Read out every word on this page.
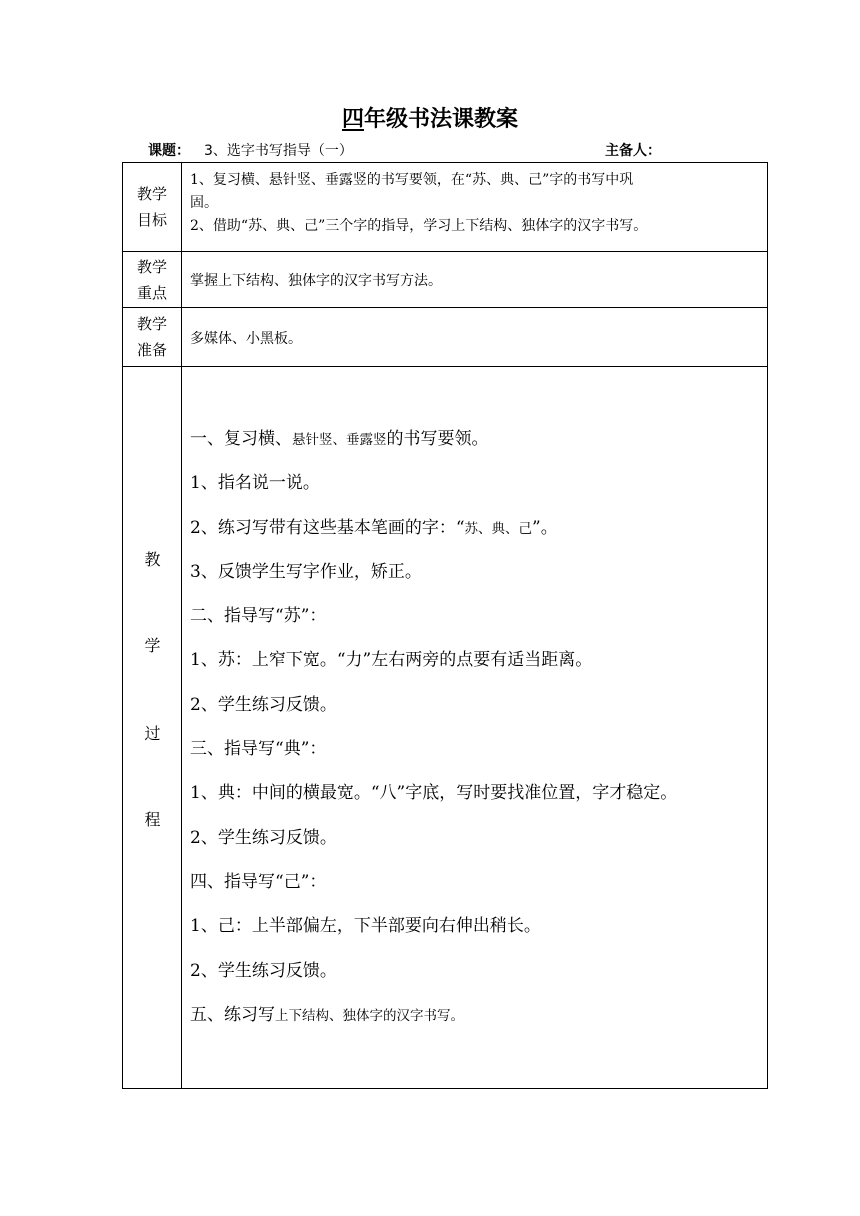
四年级书法课教案
课题： 3、选字书写指导（一）	主备人：
教学
目标
1、复习横、悬针竖、垂露竖的书写要领，在“苏、典、己”字的书写中巩
固。
2、借助“苏、典、己”三个字的指导，学习上下结构、独体字的汉字书写。
教学
重点
掌握上下结构、独体字的汉字书写方法。
教学
准备
多媒体、小黑板。
教
学
过
程
一、复习横、悬针竖、垂露竖的书写要领。
1、指名说一说。
2、练习写带有这些基本笔画的字：“苏、典、己”。
3、反馈学生写字作业，矫正。
二、指导写“苏”：
1、苏：上窄下宽。“力”左右两旁的点要有适当距离。
2、学生练习反馈。
三、指导写“典”：
1、典：中间的横最宽。“八”字底，写时要找准位置，字才稳定。
2、学生练习反馈。
四、指导写“己”：
1、己：上半部偏左，下半部要向右伸出稍长。
2、学生练习反馈。
五、练习写上下结构、独体字的汉字书写。
